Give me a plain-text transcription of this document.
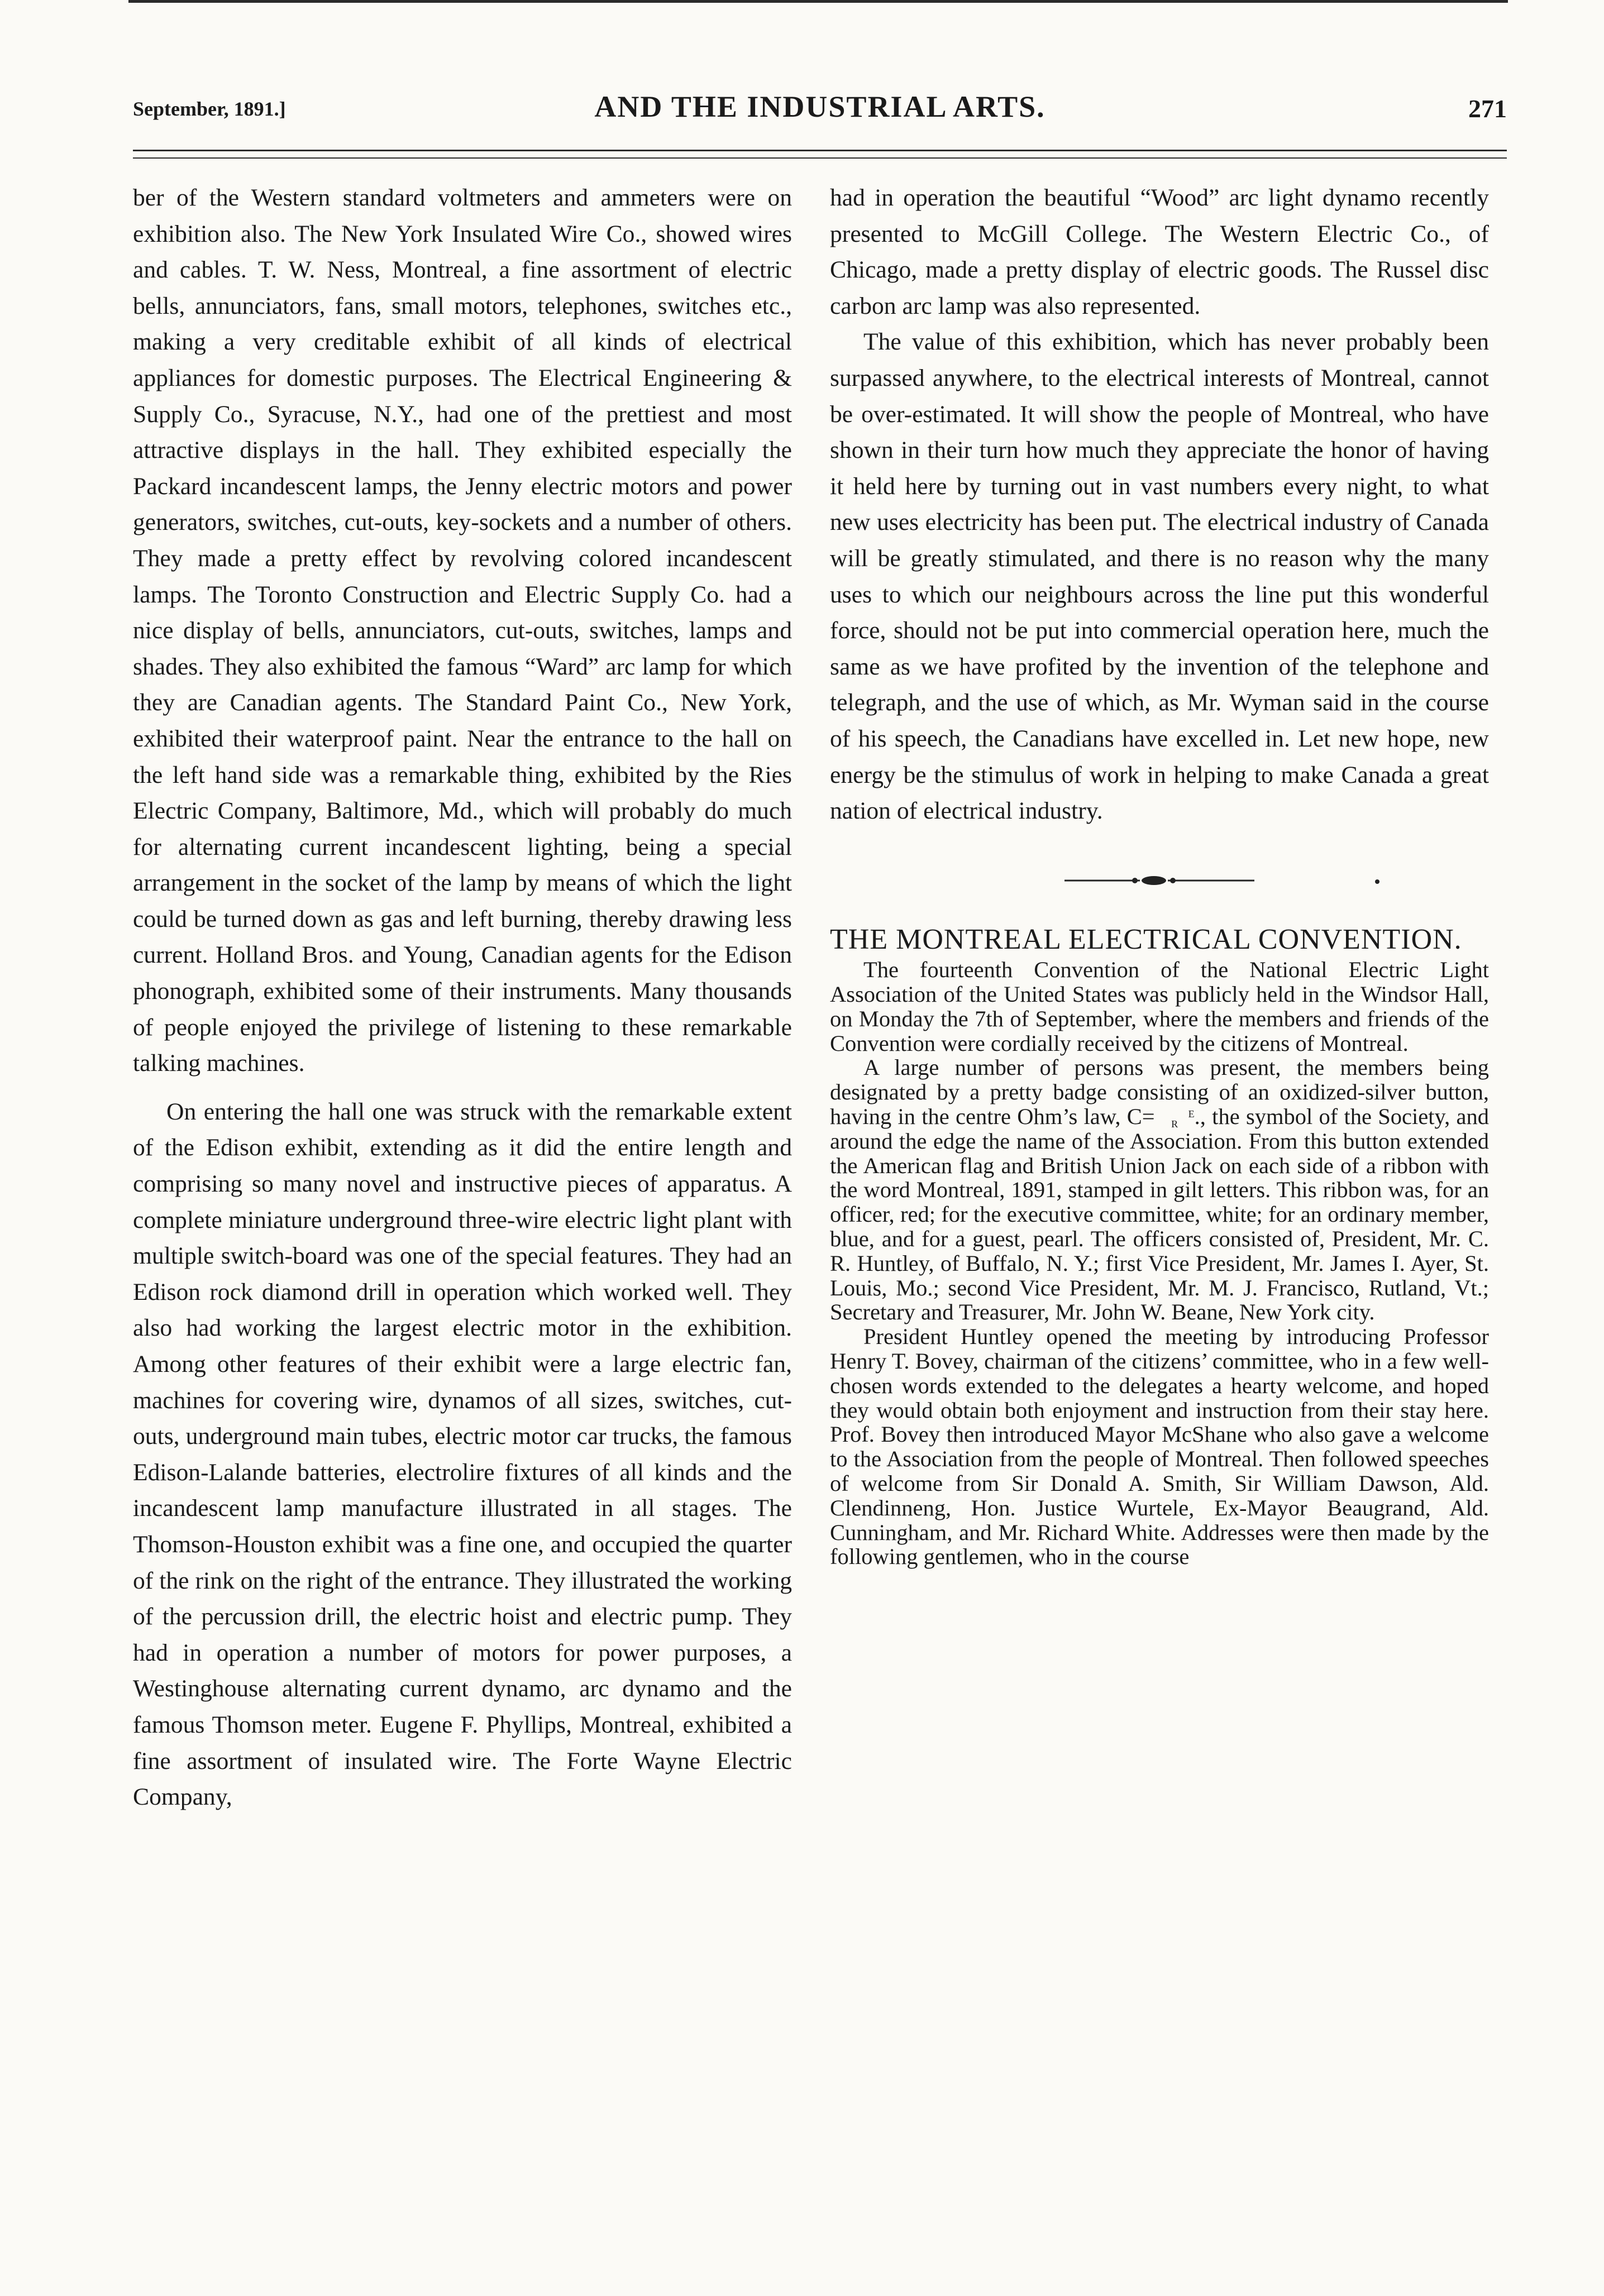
September, 1891.]	AND THE INDUSTRIAL ARTS.	271

ber of the Western standard voltmeters and ammeters were on exhibition also. The New York Insulated Wire Co., showed wires and cables. T. W. Ness, Montreal, a fine assortment of electric bells, annunciators, fans, small motors, telephones, switches etc., making a very creditable exhibit of all kinds of electrical appliances for domestic purposes. The Electrical Engineering & Supply Co., Syracuse, N.Y., had one of the prettiest and most attractive displays in the hall. They exhibited especially the Packard incandescent lamps, the Jenny electric motors and power generators, switches, cut-outs, key-sockets and a number of others. They made a pretty effect by revolving colored incandescent lamps. The Toronto Construction and Electric Supply Co. had a nice display of bells, annunciators, cut-outs, switches, lamps and shades. They also exhibited the famous “Ward” arc lamp for which they are Canadian agents. The Standard Paint Co., New York, exhibited their waterproof paint. Near the entrance to the hall on the left hand side was a remarkable thing, exhibited by the Ries Electric Company, Baltimore, Md., which will probably do much for alternating current incandescent lighting, being a special arrangement in the socket of the lamp by means of which the light could be turned down as gas and left burning, thereby drawing less current. Holland Bros. and Young, Canadian agents for the Edison phonograph, exhibited some of their instruments. Many thousands of people enjoyed the privilege of listening to these remarkable talking machines.

On entering the hall one was struck with the remarkable extent of the Edison exhibit, extending as it did the entire length and comprising so many novel and instructive pieces of apparatus. A complete miniature underground three-wire electric light plant with multiple switch-board was one of the special features. They had an Edison rock diamond drill in operation which worked well. They also had working the largest electric motor in the exhibition. Among other features of their exhibit were a large electric fan, machines for covering wire, dynamos of all sizes, switches, cut-outs, underground main tubes, electric motor car trucks, the famous Edison-Lalande batteries, electrolire fixtures of all kinds and the incandescent lamp manufacture illustrated in all stages. The Thomson-Houston exhibit was a fine one, and occupied the quarter of the rink on the right of the entrance. They illustrated the working of the percussion drill, the electric hoist and electric pump. They had in operation a number of motors for power purposes, a Westinghouse alternating current dynamo, arc dynamo and the famous Thomson meter. Eugene F. Phyllips, Montreal, exhibited a fine assortment of insulated wire. The Forte Wayne Electric Company,

had in operation the beautiful “Wood” arc light dynamo recently presented to McGill College. The Western Electric Co., of Chicago, made a pretty display of electric goods. The Russel disc carbon arc lamp was also represented.

The value of this exhibition, which has never probably been surpassed anywhere, to the electrical interests of Montreal, cannot be over-estimated. It will show the people of Montreal, who have shown in their turn how much they appreciate the honor of having it held here by turning out in vast numbers every night, to what new uses electricity has been put. The electrical industry of Canada will be greatly stimulated, and there is no reason why the many uses to which our neighbours across the line put this wonderful force, should not be put into commercial operation here, much the same as we have profited by the invention of the telephone and telegraph, and the use of which, as Mr. Wyman said in the course of his speech, the Canadians have excelled in. Let new hope, new energy be the stimulus of work in helping to make Canada a great nation of electrical industry.

THE MONTREAL ELECTRICAL CONVENTION.

The fourteenth Convention of the National Electric Light Association of the United States was publicly held in the Windsor Hall, on Monday the 7th of September, where the members and friends of the Convention were cordially received by the citizens of Montreal.

A large number of persons was present, the members being designated by a pretty badge consisting of an oxidized-silver button, having in the centre Ohm’s law, C=	E
R ., the symbol of the Society, and around the edge the name of the Association. From this button extended the American flag and British Union Jack on each side of a ribbon with the word Montreal, 1891, stamped in gilt letters. This ribbon was, for an officer, red; for the executive committee, white; for an ordinary member, blue, and for a guest, pearl. The officers consisted of, President, Mr. C. R. Huntley, of Buffalo, N. Y.; first Vice President, Mr. James I. Ayer, St. Louis, Mo.; second Vice President, Mr. M. J. Francisco, Rutland, Vt.; Secretary and Treasurer, Mr. John W. Beane, New York city.

President Huntley opened the meeting by introducing Professor Henry T. Bovey, chairman of the citizens’ committee, who in a few well-chosen words extended to the delegates a hearty welcome, and hoped they would obtain both enjoyment and instruction from their stay here. Prof. Bovey then introduced Mayor McShane who also gave a welcome to the Association from the people of Montreal. Then followed speeches of welcome from Sir Donald A. Smith, Sir William Dawson, Ald. Clendinneng, Hon. Justice Wurtele, Ex-Mayor Beaugrand, Ald. Cunningham, and Mr. Richard White. Addresses were then made by the following gentlemen, who in the course
